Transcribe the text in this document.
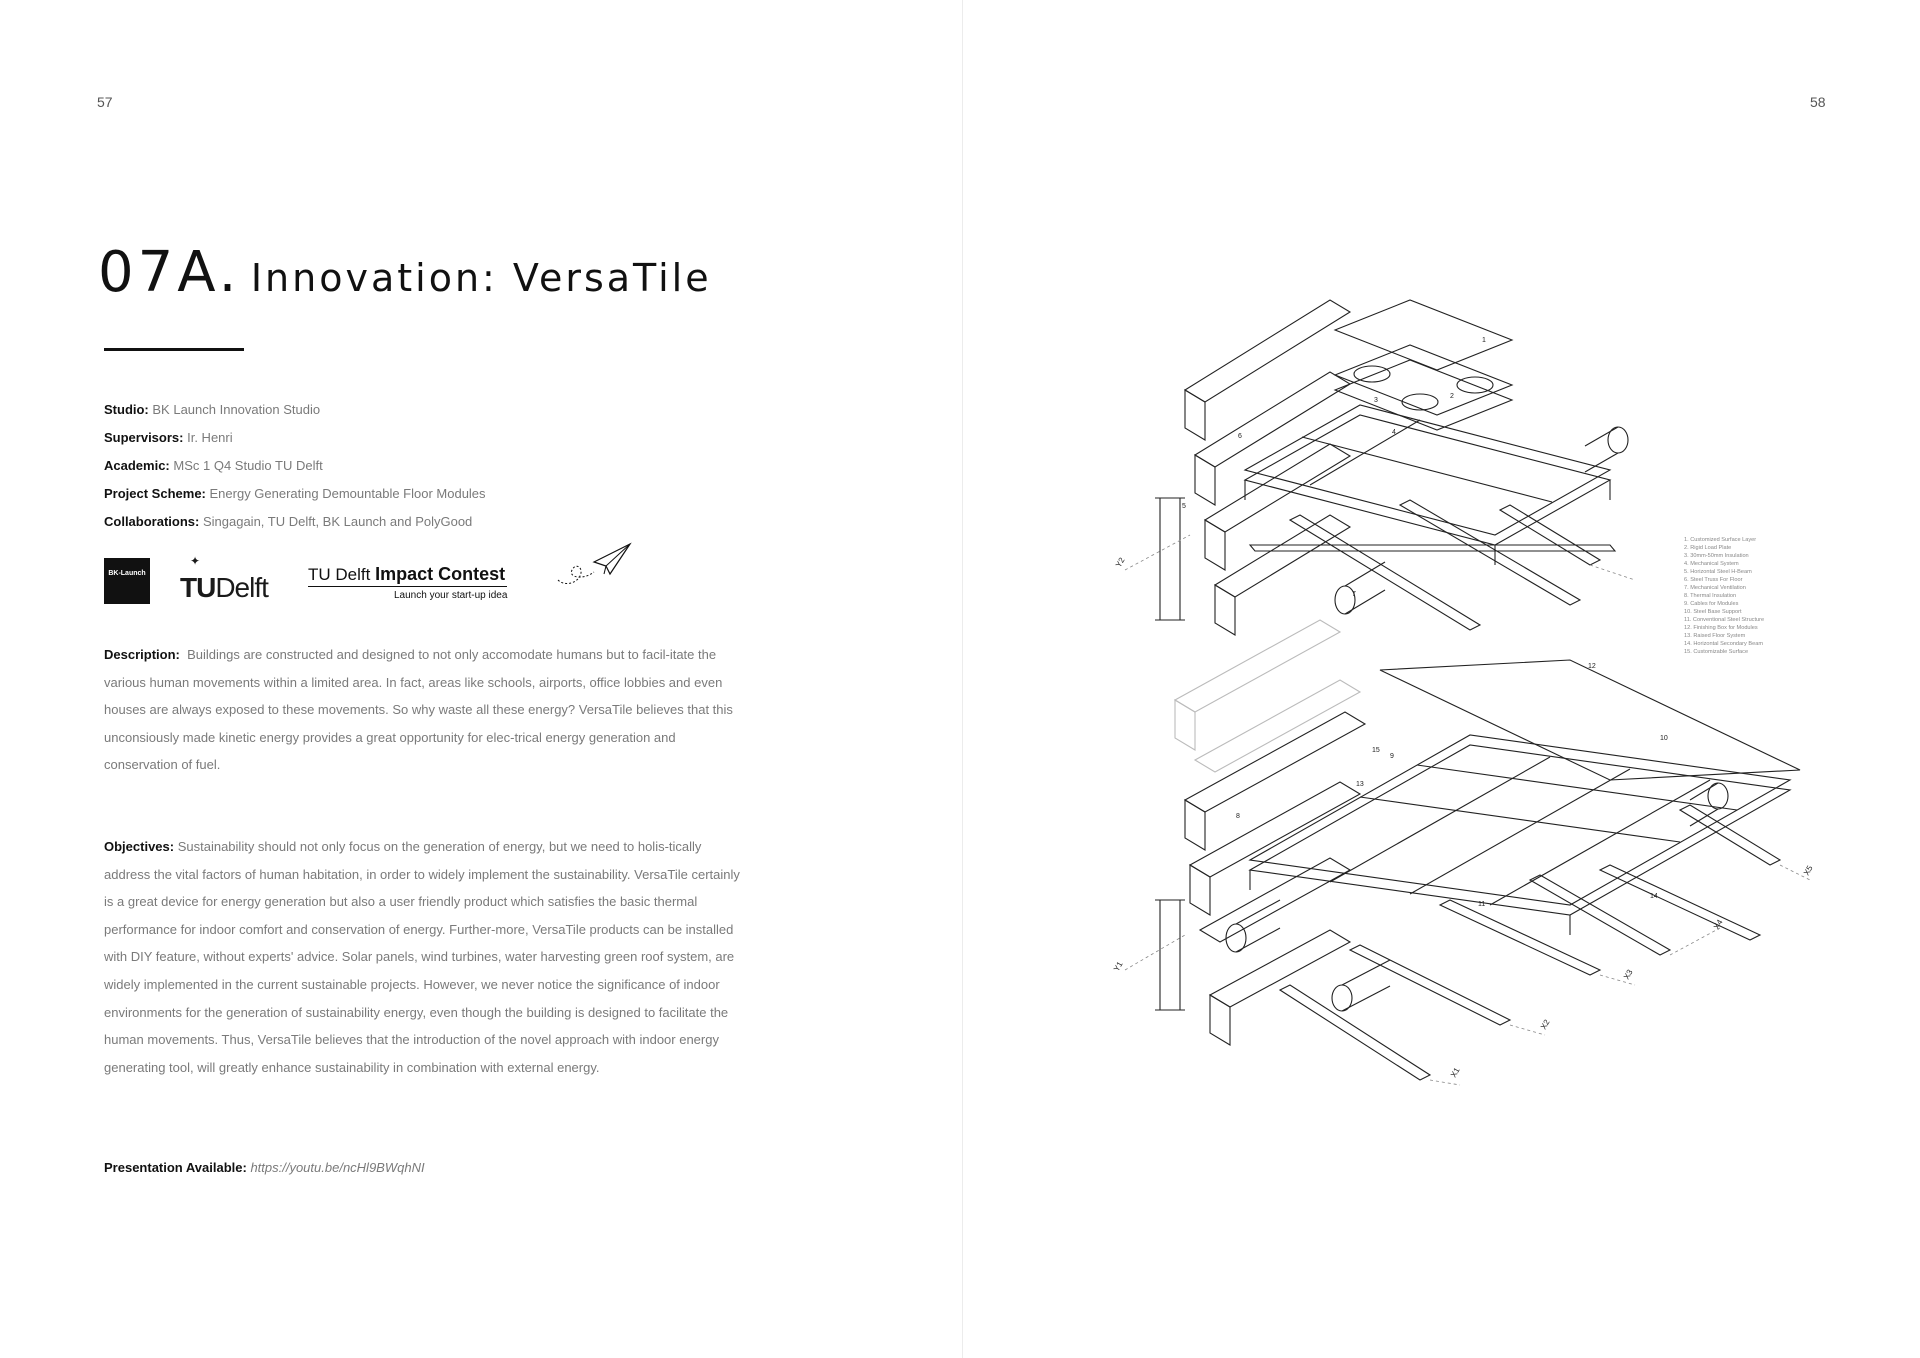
57
07A. Innovation: VersaTile
Studio: BK Launch Innovation Studio
Supervisors: Ir. Henri
Academic: MSc 1 Q4 Studio TU Delft
Project Scheme: Energy Generating Demountable Floor Modules
Collaborations: Singagain, TU Delft, BK Launch and PolyGood
BK-Launch

✦
TUDelft TU Delft Impact Contest
Launch your start-up idea
Description: Buildings are constructed and designed to not only accomodate humans but to facil-itate the various human movements within a limited area. In fact, areas like schools, airports, office lobbies and even houses are always exposed to these movements. So why waste all these energy? VersaTile believes that this unconsiously made kinetic energy provides a great opportunity for elec-trical energy generation and conservation of fuel.
Objectives: Sustainability should not only focus on the generation of energy, but we need to holis-tically address the vital factors of human habitation, in order to widely implement the sustainability. VersaTile certainly is a great device for energy generation but also a user friendly product which satisfies the basic thermal performance for indoor comfort and conservation of energy. Further-more, VersaTile products can be installed with DIY feature, without experts' advice. Solar panels, wind turbines, water harvesting green roof system, are widely implemented in the current sustainable projects. However, we never notice the significance of indoor environments for the generation of sustainability energy, even though the building is designed to facilitate the human movements. Thus, VersaTile believes that the introduction of the novel approach with indoor energy generating tool, will greatly enhance sustainability in combination with external energy.
Presentation Available: https://youtu.be/ncHl9BWqhNI
58
1
2
3
4
5
6
7
8
9
10
11
12
13
14
15
Y2
Y1
X1
X2
X3
X4
X5
1. Customized Surface Layer
2. Rigid Load Plate
3. 30mm-50mm Insulation
4. Mechanical System
5. Horizontal Steel H-Beam
6. Steel Truss For Floor
7. Mechanical Ventilation
8. Thermal Insulation
9. Cables for Modules
10. Steel Base Support
11. Conventional Steel Structure
12. Finishing Box for Modules
13. Raised Floor System
14. Horizontal Secondary Beam
15. Customizable Surface
